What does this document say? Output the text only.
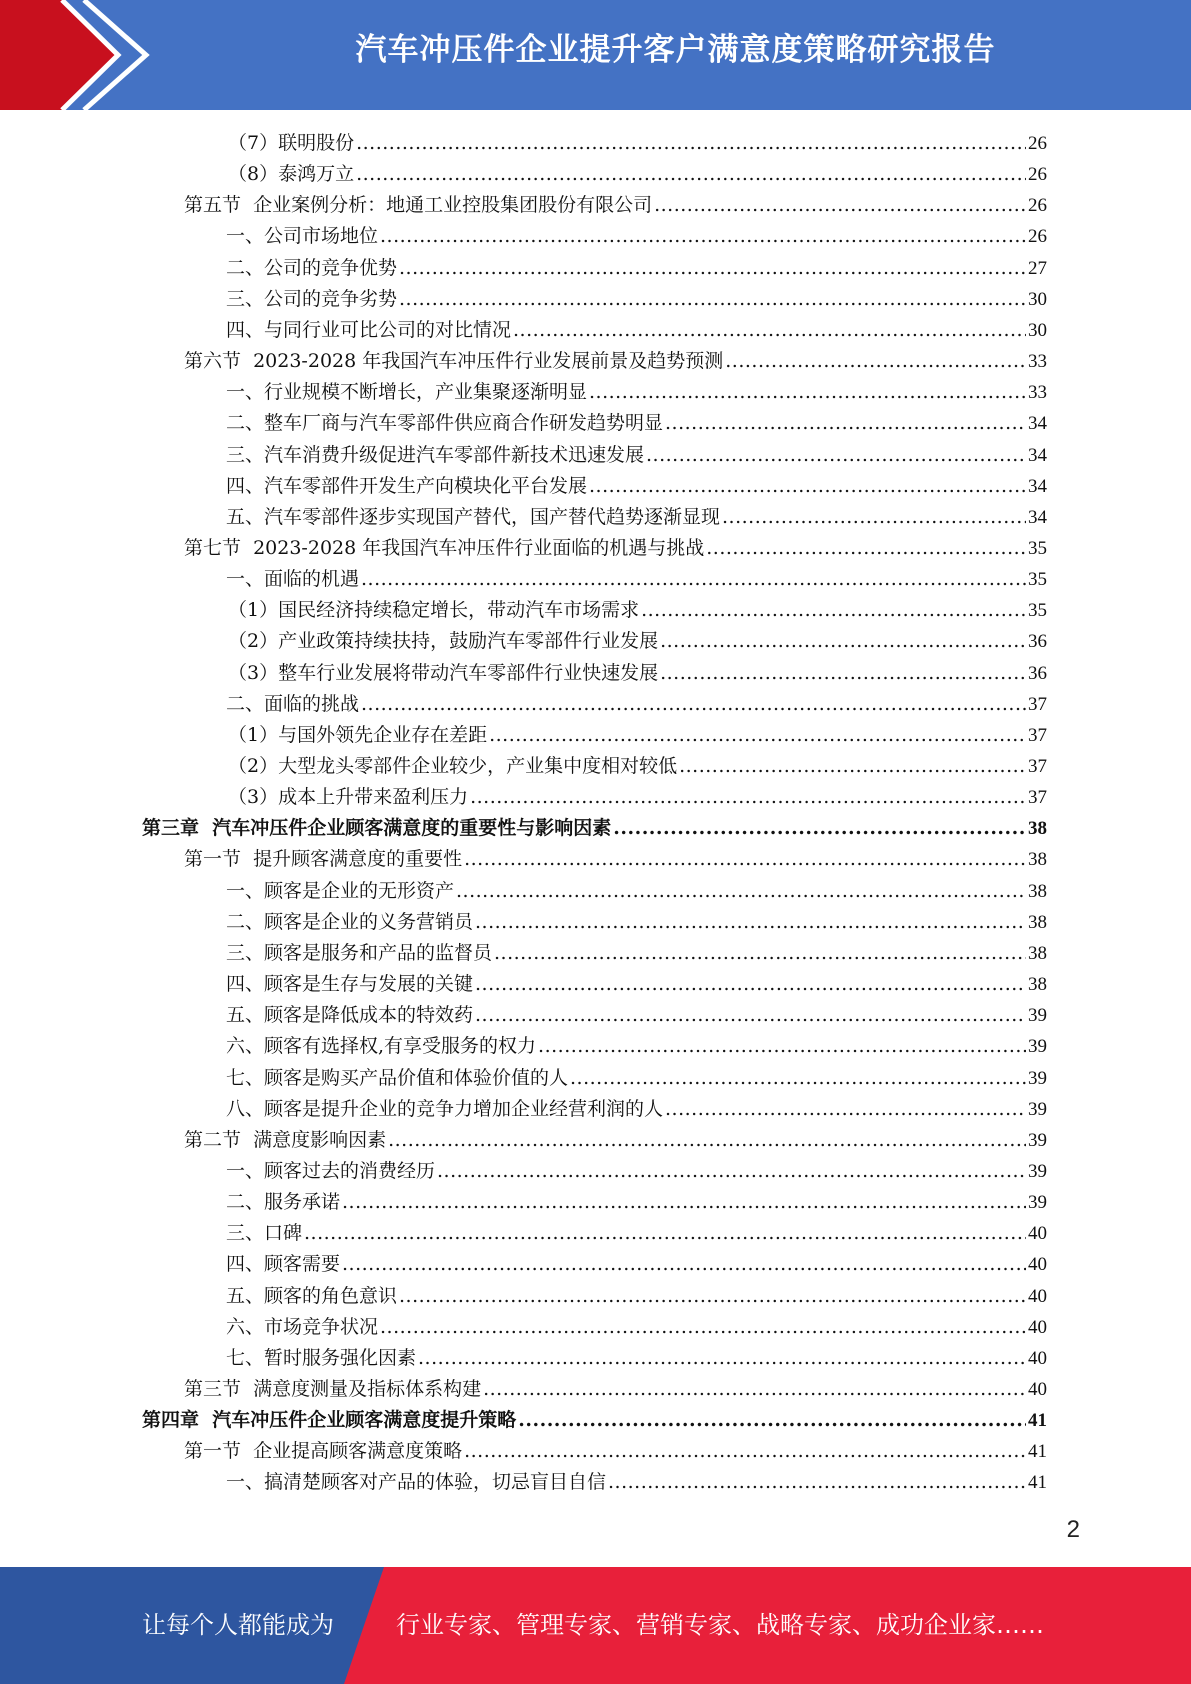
汽车冲压件企业提升客户满意度策略研究报告
（7）联明股份 .....	26
（8）泰鸿万立 .....	26
第五节  企业案例分析：地通工业控股集团股份有限公司 .....	26
一、公司市场地位 .....	26
二、公司的竞争优势 .....	27
三、公司的竞争劣势 .....	30
四、与同行业可比公司的对比情况 .....	30
第六节  2023-2028 年我国汽车冲压件行业发展前景及趋势预测 .....	33
一、行业规模不断增长，产业集聚逐渐明显 .....	33
二、整车厂商与汽车零部件供应商合作研发趋势明显 .....	34
三、汽车消费升级促进汽车零部件新技术迅速发展 .....	34
四、汽车零部件开发生产向模块化平台发展 .....	34
五、汽车零部件逐步实现国产替代，国产替代趋势逐渐显现 .....	34
第七节  2023-2028 年我国汽车冲压件行业面临的机遇与挑战 .....	35
一、面临的机遇 .....	35
（1）国民经济持续稳定增长，带动汽车市场需求 .....	35
（2）产业政策持续扶持，鼓励汽车零部件行业发展 .....	36
（3）整车行业发展将带动汽车零部件行业快速发展 .....	36
二、面临的挑战 .....	37
（1）与国外领先企业存在差距 .....	37
（2）大型龙头零部件企业较少，产业集中度相对较低 .....	37
（3）成本上升带来盈利压力 .....	37
第三章  汽车冲压件企业顾客满意度的重要性与影响因素 .....	38
第一节  提升顾客满意度的重要性 .....	38
一、顾客是企业的无形资产 .....	38
二、顾客是企业的义务营销员 .....	38
三、顾客是服务和产品的监督员 .....	38
四、顾客是生存与发展的关键 .....	38
五、顾客是降低成本的特效药 .....	39
六、顾客有选择权,有享受服务的权力 .....	39
七、顾客是购买产品价值和体验价值的人 .....	39
八、顾客是提升企业的竞争力增加企业经营利润的人 .....	39
第二节  满意度影响因素 .....	39
一、顾客过去的消费经历 .....	39
二、服务承诺 .....	39
三、口碑 .....	40
四、顾客需要 .....	40
五、顾客的角色意识 .....	40
六、市场竞争状况 .....	40
七、暂时服务强化因素 .....	40
第三节  满意度测量及指标体系构建 .....	40
第四章  汽车冲压件企业顾客满意度提升策略 .....	41
第一节  企业提高顾客满意度策略 .....	41
一、搞清楚顾客对产品的体验，切忌盲目自信 .....	41
2
让每个人都能成为	行业专家、管理专家、营销专家、战略专家、成功企业家……
